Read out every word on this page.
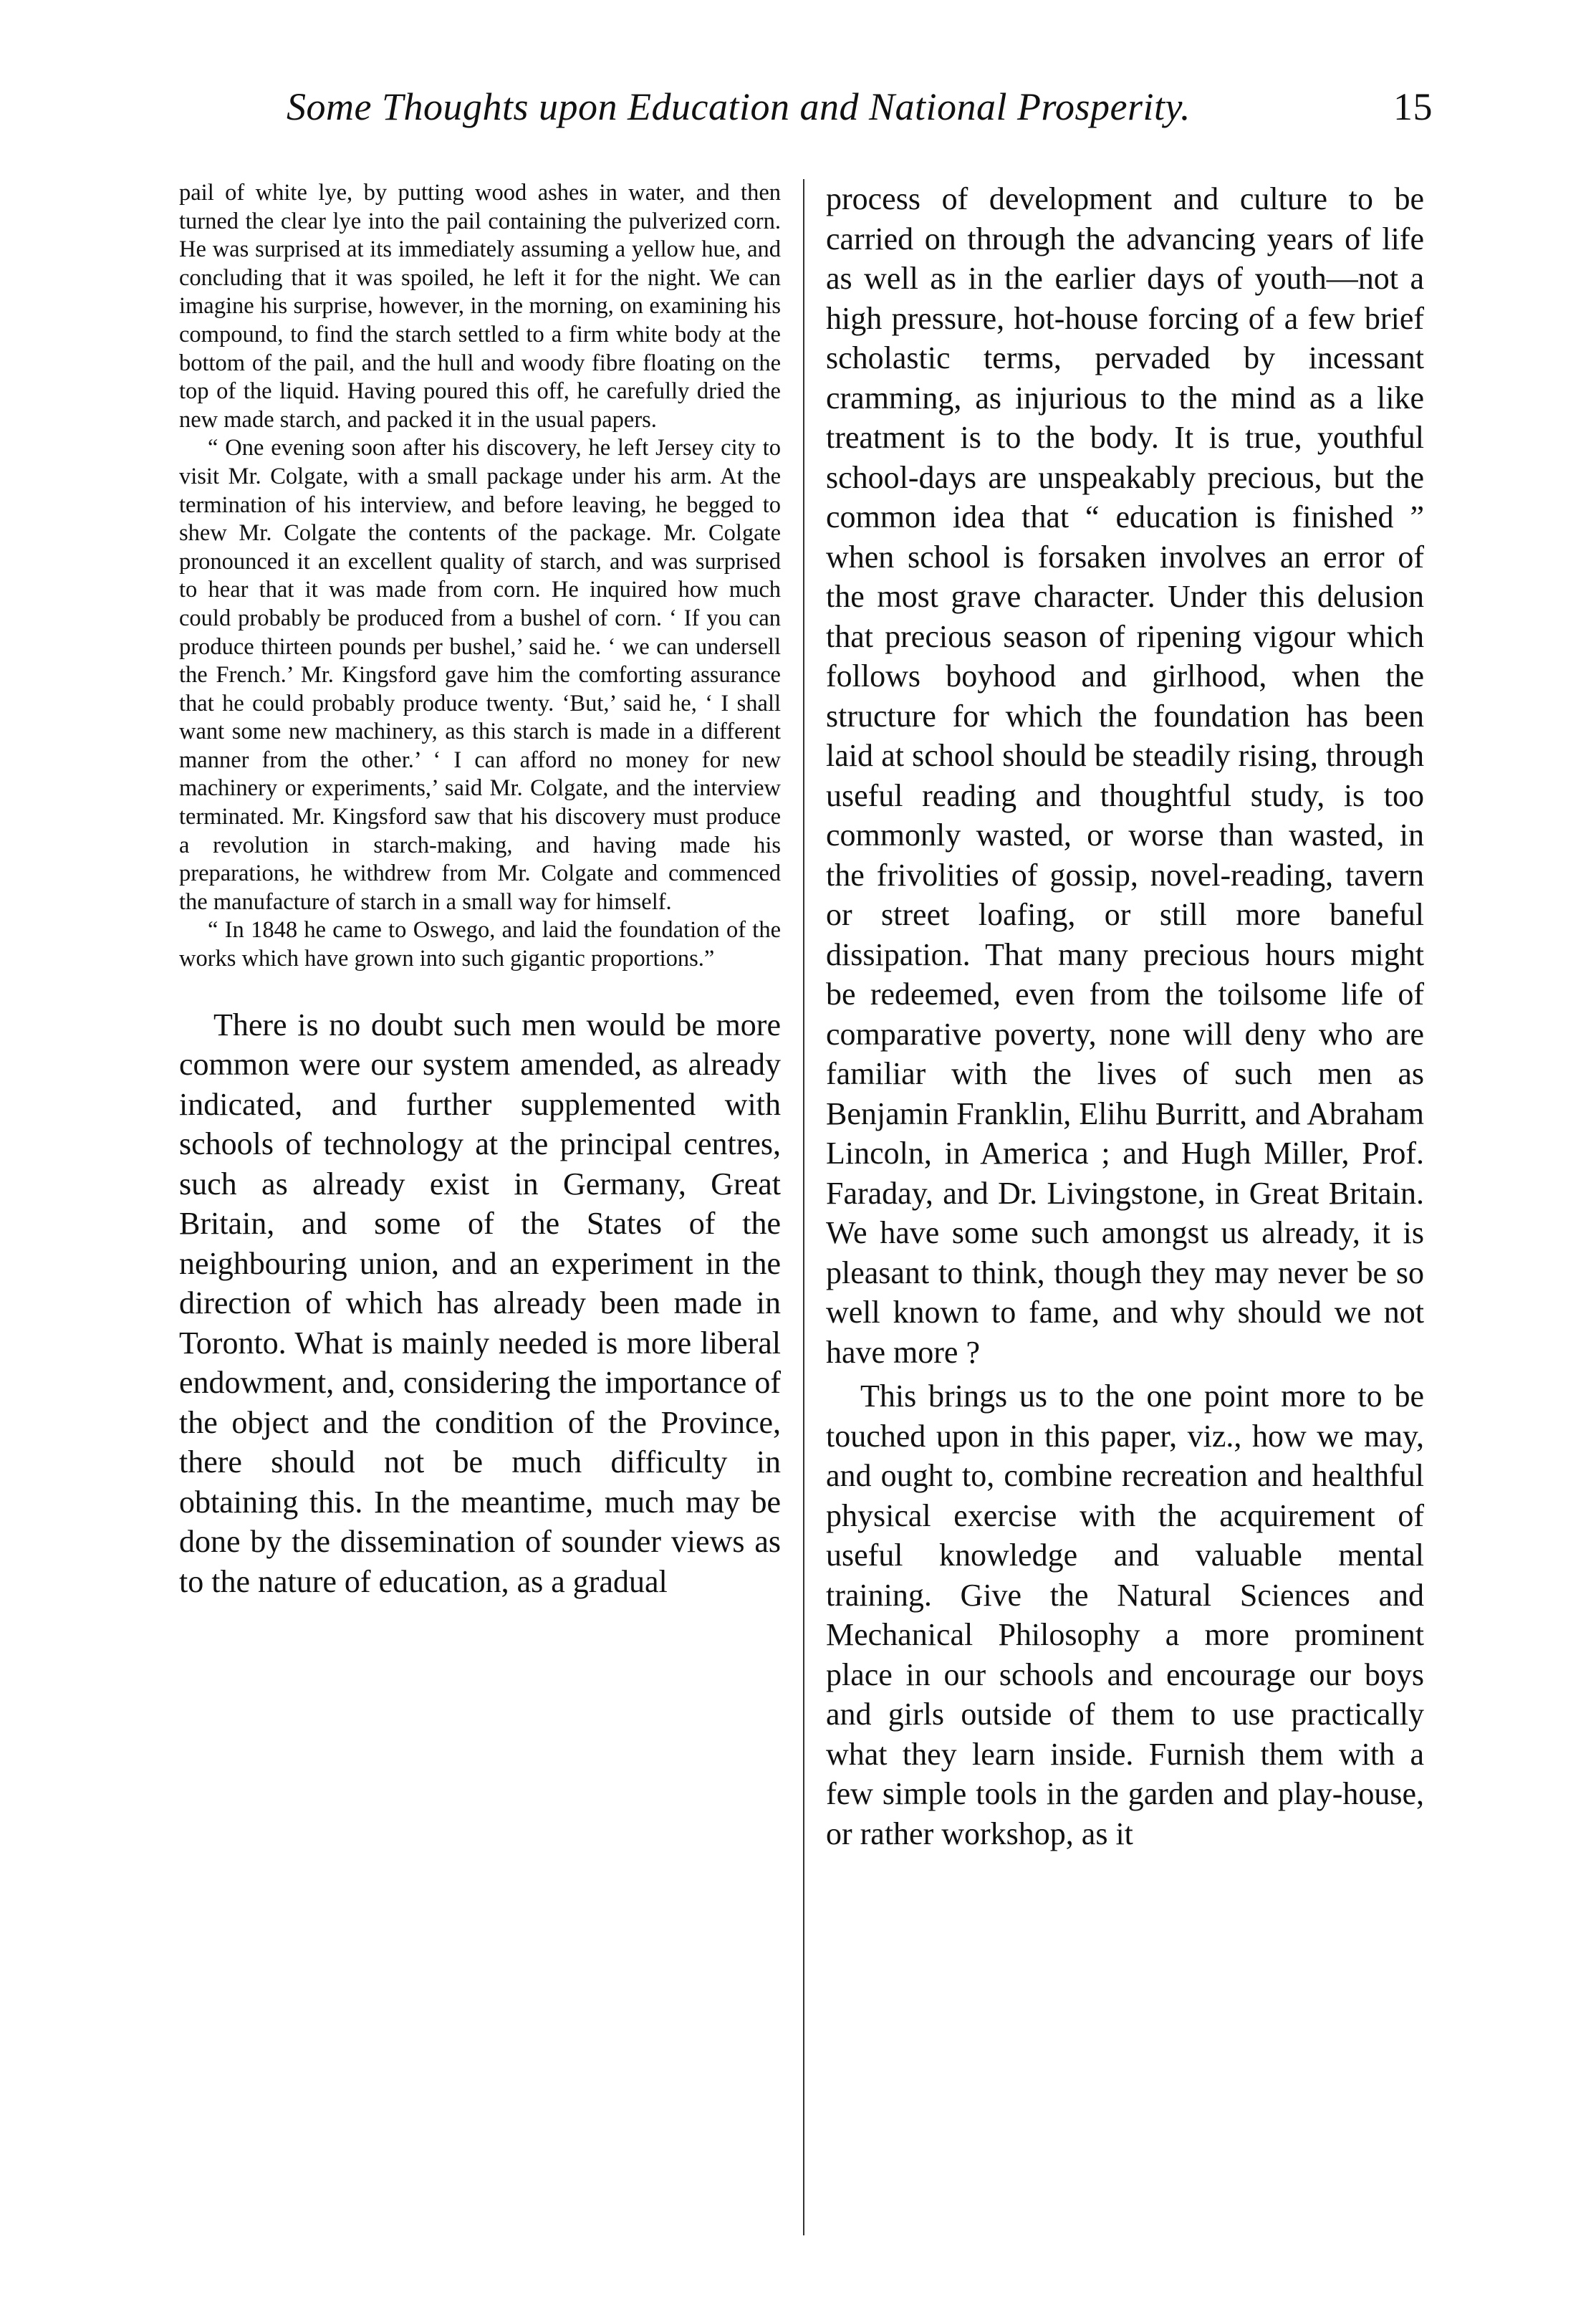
Some Thoughts upon Education and National Prosperity.	15

pail of white lye, by putting wood ashes in water, and then turned the clear lye into the pail containing the pulverized corn. He was surprised at its immediately assuming a yellow hue, and concluding that it was spoiled, he left it for the night. We can imagine his surprise, however, in the morning, on examining his compound, to find the starch settled to a firm white body at the bottom of the pail, and the hull and woody fibre floating on the top of the liquid. Having poured this off, he carefully dried the new made starch, and packed it in the usual papers.

“ One evening soon after his discovery, he left Jersey city to visit Mr. Colgate, with a small package under his arm. At the termination of his interview, and before leaving, he begged to shew Mr. Colgate the contents of the package. Mr. Colgate pronounced it an excellent quality of starch, and was surprised to hear that it was made from corn. He inquired how much could probably be produced from a bushel of corn. ‘ If you can produce thirteen pounds per bushel,’ said he. ‘ we can undersell the French.’ Mr. Kingsford gave him the comforting assurance that he could probably produce twenty. ‘But,’ said he, ‘ I shall want some new machinery, as this starch is made in a different manner from the other.’ ‘ I can afford no money for new machinery or experiments,’ said Mr. Colgate, and the interview terminated. Mr. Kingsford saw that his discovery must produce a revolution in starch-making, and having made his preparations, he withdrew from Mr. Colgate and commenced the manufacture of starch in a small way for himself.

“ In 1848 he came to Oswego, and laid the foundation of the works which have grown into such gigantic proportions.”

There is no doubt such men would be more common were our system amended, as already indicated, and further supplemented with schools of technology at the principal centres, such as already exist in Germany, Great Britain, and some of the States of the neighbouring union, and an experiment in the direction of which has already been made in Toronto. What is mainly needed is more liberal endowment, and, considering the importance of the object and the condition of the Province, there should not be much difficulty in obtaining this. In the meantime, much may be done by the dissemination of sounder views as to the nature of education, as a gradual

process of development and culture to be carried on through the advancing years of life as well as in the earlier days of youth—not a high pressure, hot-house forcing of a few brief scholastic terms, pervaded by incessant cramming, as injurious to the mind as a like treatment is to the body. It is true, youthful school-days are unspeakably precious, but the common idea that “ education is finished ” when school is forsaken involves an error of the most grave character. Under this delusion that precious season of ripening vigour which follows boyhood and girlhood, when the structure for which the foundation has been laid at school should be steadily rising, through useful reading and thoughtful study, is too commonly wasted, or worse than wasted, in the frivolities of gossip, novel-reading, tavern or street loafing, or still more baneful dissipation. That many precious hours might be redeemed, even from the toilsome life of comparative poverty, none will deny who are familiar with the lives of such men as Benjamin Franklin, Elihu Burritt, and Abraham Lincoln, in America ; and Hugh Miller, Prof. Faraday, and Dr. Livingstone, in Great Britain. We have some such amongst us already, it is pleasant to think, though they may never be so well known to fame, and why should we not have more ?

This brings us to the one point more to be touched upon in this paper, viz., how we may, and ought to, combine recreation and healthful physical exercise with the acquirement of useful knowledge and valuable mental training. Give the Natural Sciences and Mechanical Philosophy a more prominent place in our schools and encourage our boys and girls outside of them to use practically what they learn inside. Furnish them with a few simple tools in the garden and play-house, or rather workshop, as it
